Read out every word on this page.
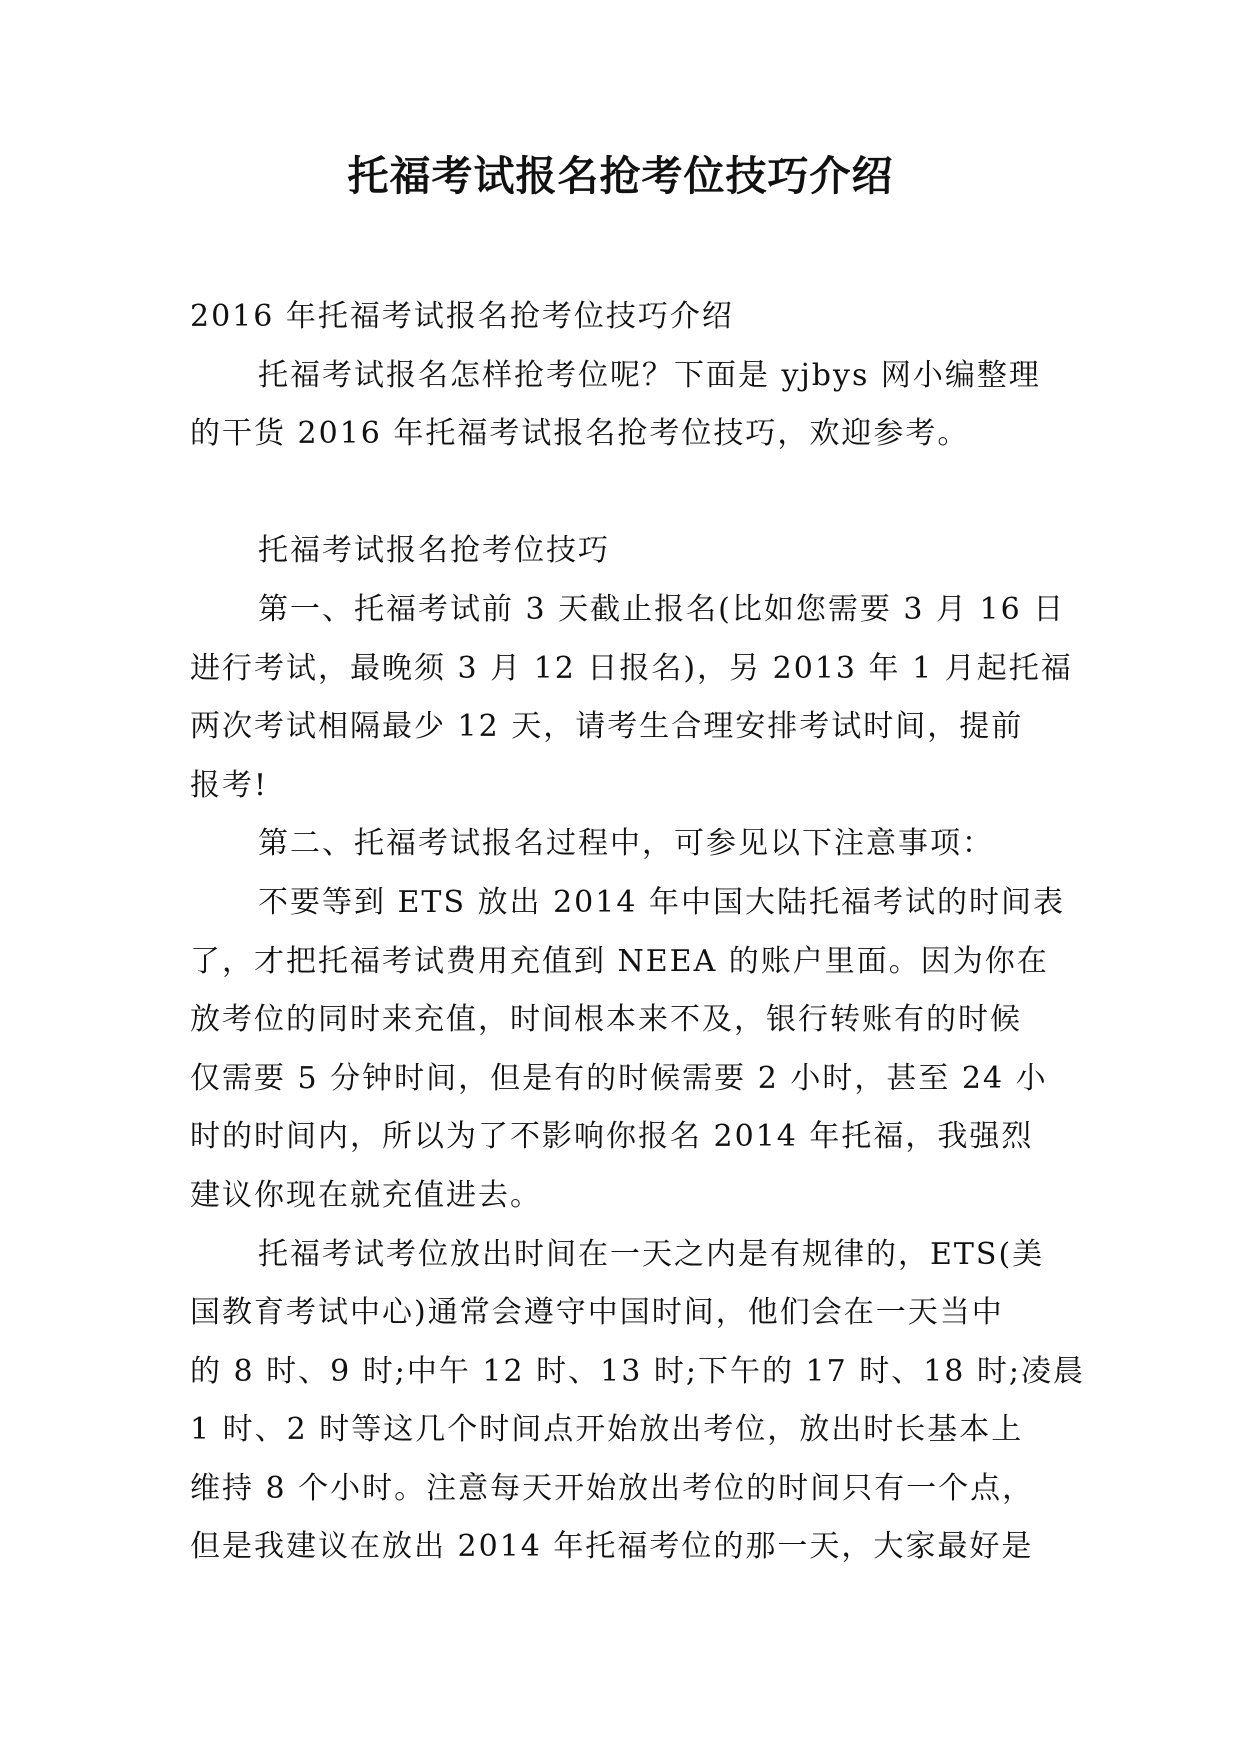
托福考试报名抢考位技巧介绍
2016 年托福考试报名抢考位技巧介绍
托福考试报名怎样抢考位呢？下面是 yjbys 网小编整理
的干货 2016 年托福考试报名抢考位技巧，欢迎参考。
托福考试报名抢考位技巧
第一、托福考试前 3 天截止报名(比如您需要 3 月 16 日
进行考试，最晚须 3 月 12 日报名)，另 2013 年 1 月起托福
两次考试相隔最少 12 天，请考生合理安排考试时间，提前
报考!
第二、托福考试报名过程中，可参见以下注意事项：
不要等到 ETS 放出 2014 年中国大陆托福考试的时间表
了，才把托福考试费用充值到 NEEA 的账户里面。因为你在
放考位的同时来充值，时间根本来不及，银行转账有的时候
仅需要 5 分钟时间，但是有的时候需要 2 小时，甚至 24 小
时的时间内，所以为了不影响你报名 2014 年托福，我强烈
建议你现在就充值进去。
托福考试考位放出时间在一天之内是有规律的，ETS(美
国教育考试中心)通常会遵守中国时间，他们会在一天当中
的 8 时、9 时;中午 12 时、13 时;下午的 17 时、18 时;凌晨
1 时、2 时等这几个时间点开始放出考位，放出时长基本上
维持 8 个小时。注意每天开始放出考位的时间只有一个点，
但是我建议在放出 2014 年托福考位的那一天，大家最好是
